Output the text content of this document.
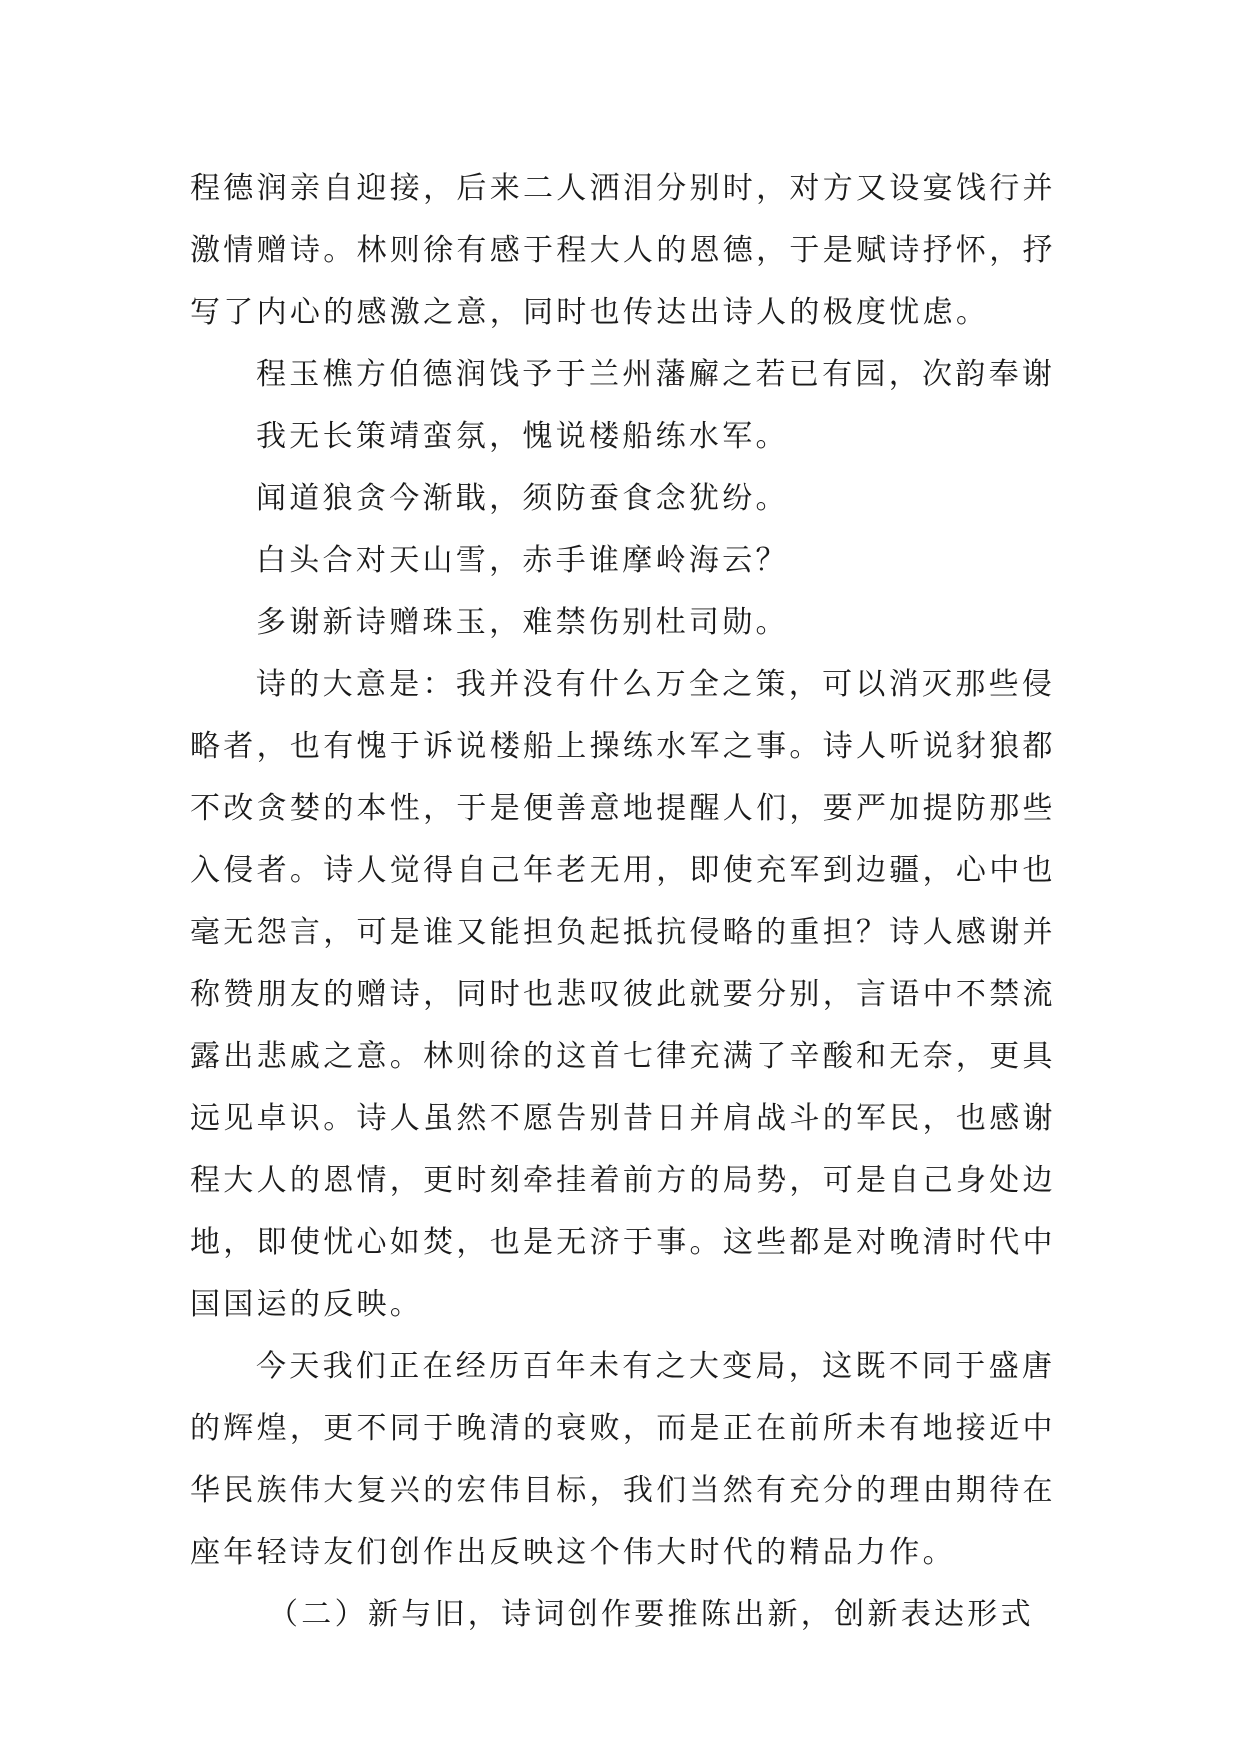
程德润亲自迎接，后来二人洒泪分别时，对方又设宴饯行并
激情赠诗。林则徐有感于程大人的恩德，于是赋诗抒怀，抒
写了内心的感激之意，同时也传达出诗人的极度忧虑。
程玉樵方伯德润饯予于兰州藩廨之若已有园，次韵奉谢
我无长策靖蛮氛，愧说楼船练水军。
闻道狼贪今渐戢，须防蚕食念犹纷。
白头合对天山雪，赤手谁摩岭海云？
多谢新诗赠珠玉，难禁伤别杜司勋。
诗的大意是：我并没有什么万全之策，可以消灭那些侵
略者，也有愧于诉说楼船上操练水军之事。诗人听说豺狼都
不改贪婪的本性，于是便善意地提醒人们，要严加提防那些
入侵者。诗人觉得自己年老无用，即使充军到边疆，心中也
毫无怨言，可是谁又能担负起抵抗侵略的重担？诗人感谢并
称赞朋友的赠诗，同时也悲叹彼此就要分别，言语中不禁流
露出悲戚之意。林则徐的这首七律充满了辛酸和无奈，更具
远见卓识。诗人虽然不愿告别昔日并肩战斗的军民，也感谢
程大人的恩情，更时刻牵挂着前方的局势，可是自己身处边
地，即使忧心如焚，也是无济于事。这些都是对晚清时代中
国国运的反映。
今天我们正在经历百年未有之大变局，这既不同于盛唐
的辉煌，更不同于晚清的衰败，而是正在前所未有地接近中
华民族伟大复兴的宏伟目标，我们当然有充分的理由期待在
座年轻诗友们创作出反映这个伟大时代的精品力作。
（二）新与旧，诗词创作要推陈出新，创新表达形式
